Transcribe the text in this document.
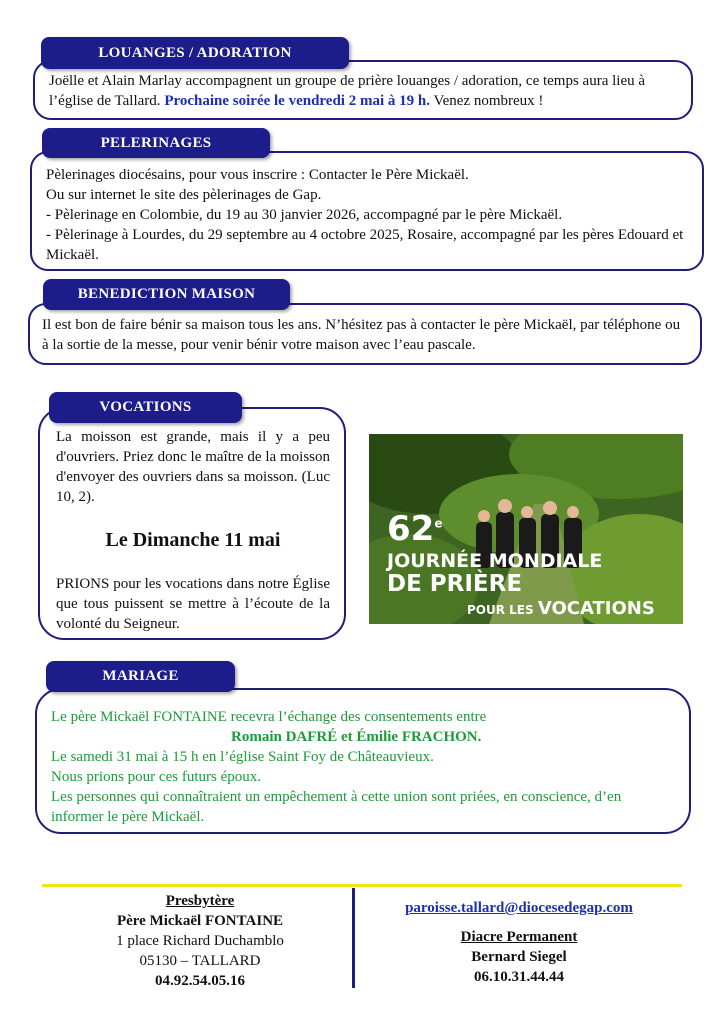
LOUANGES / ADORATION

Joëlle et Alain Marlay accompagnent un groupe de prière louanges / adoration, ce temps aura lieu à l’église de Tallard. Prochaine soirée le vendredi 2 mai à 19 h. Venez nombreux !

PELERINAGES

Pèlerinages diocésains, pour vous inscrire : Contacter le Père Mickaël.

Ou sur internet le site des pèlerinages de Gap.

- Pèlerinage en Colombie, du 19 au 30 janvier 2026, accompagné par le père Mickaël.

- Pèlerinage à Lourdes, du 29 septembre au 4 octobre 2025, Rosaire, accompagné par les pères Edouard et Mickaël.

BENEDICTION MAISON

Il est bon de faire bénir sa maison tous les ans. N’hésitez pas à contacter le père Mickaël, par téléphone ou à la sortie de la messe, pour venir bénir votre maison avec l’eau pascale.

VOCATIONS

La moisson est grande, mais il y a peu d'ouvriers. Priez donc le maître de la moisson d'envoyer des ouvriers dans sa moisson. (Luc 10, 2).

Le Dimanche 11 mai

PRIONS pour les vocations dans notre Église que tous puissent se mettre à l’écoute de la volonté du Seigneur.

62e
JOURNÉE MONDIALE
DE PRIÈRE
POUR LES VOCATIONS
MARIAGE

Le père Mickaël FONTAINE recevra l’échange des consentements entre

Romain DAFRÉ et Émilie FRACHON.

Le samedi 31 mai à 15 h en l’église Saint Foy de Châteauvieux.

Nous prions pour ces futurs époux.

Les personnes qui connaîtraient un empêchement à cette union sont priées, en conscience, d’en informer le père Mickaël.

Presbytère
Père Mickaël FONTAINE
1 place Richard Duchamblo
05130 – TALLARD
04.92.54.05.16
paroisse.tallard@diocesedegap.com
Diacre Permanent
Bernard Siegel
06.10.31.44.44
